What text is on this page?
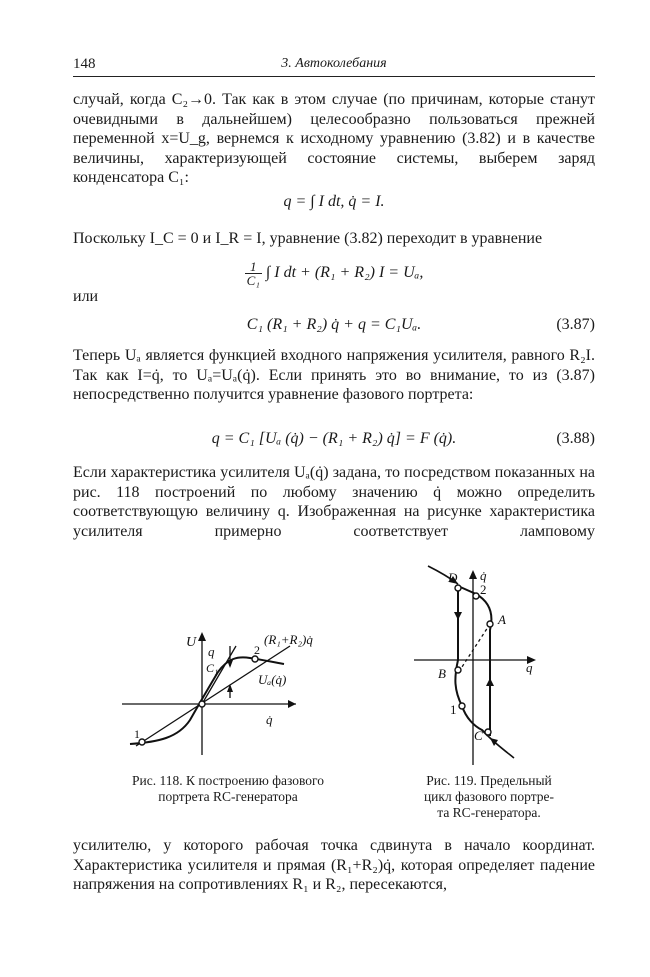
148	3. Автоколебания

случай, когда C₂→0. Так как в этом случае (по причинам, которые станут очевидными в дальнейшем) целесообразно пользоваться прежней переменной x=U_g, вернемся к исходному уравнению (3.82) и в качестве величины, характеризующей состояние системы, выберем заряд конденсатора C₁:

q = ∫ I dt, q̇ = I.

Поскольку I_C = 0 и I_R = I, уравнение (3.82) переходит в уравнение

$\frac{1}{\text{C₁}}$ ∫ I dt + (R₁ + R₂) I = Uₐ,
или
C₁ (R₁ + R₂) q̇ + q = C₁Uₐ.	(3.87)

Теперь Uₐ является функцией входного напряжения усилителя, равного R₂I. Так как I=q̇, то Uₐ=Uₐ(q̇). Если принять это во внимание, то из (3.87) непосредственно получится уравнение фазового портрета:

q = C₁ [Uₐ (q̇) − (R₁ + R₂) q̇] = F (q̇).	(3.88)

Если характеристика усилителя Uₐ(q̇) задана, то посредством показанных на рис. 118 построений по любому значению q̇ можно определить соответствующую величину q. Изображенная на рисунке характеристика усилителя примерно соответствует ламповому

U
q
C₁
(R₁+R₂)q̇
Uₐ(q̇)
q̇
1
2
Рис. 118. К построению фазового
портрета RC-генератора
q̇
q
D
2
A
B
1
C
Рис. 119. Предельный
цикл фазового портре-
та RC-генератора.

усилителю, у которого рабочая точка сдвинута в начало координат. Характеристика усилителя и прямая (R₁+R₂)q̇, которая определяет падение напряжения на сопротивлениях R₁ и R₂, пересекаются,
